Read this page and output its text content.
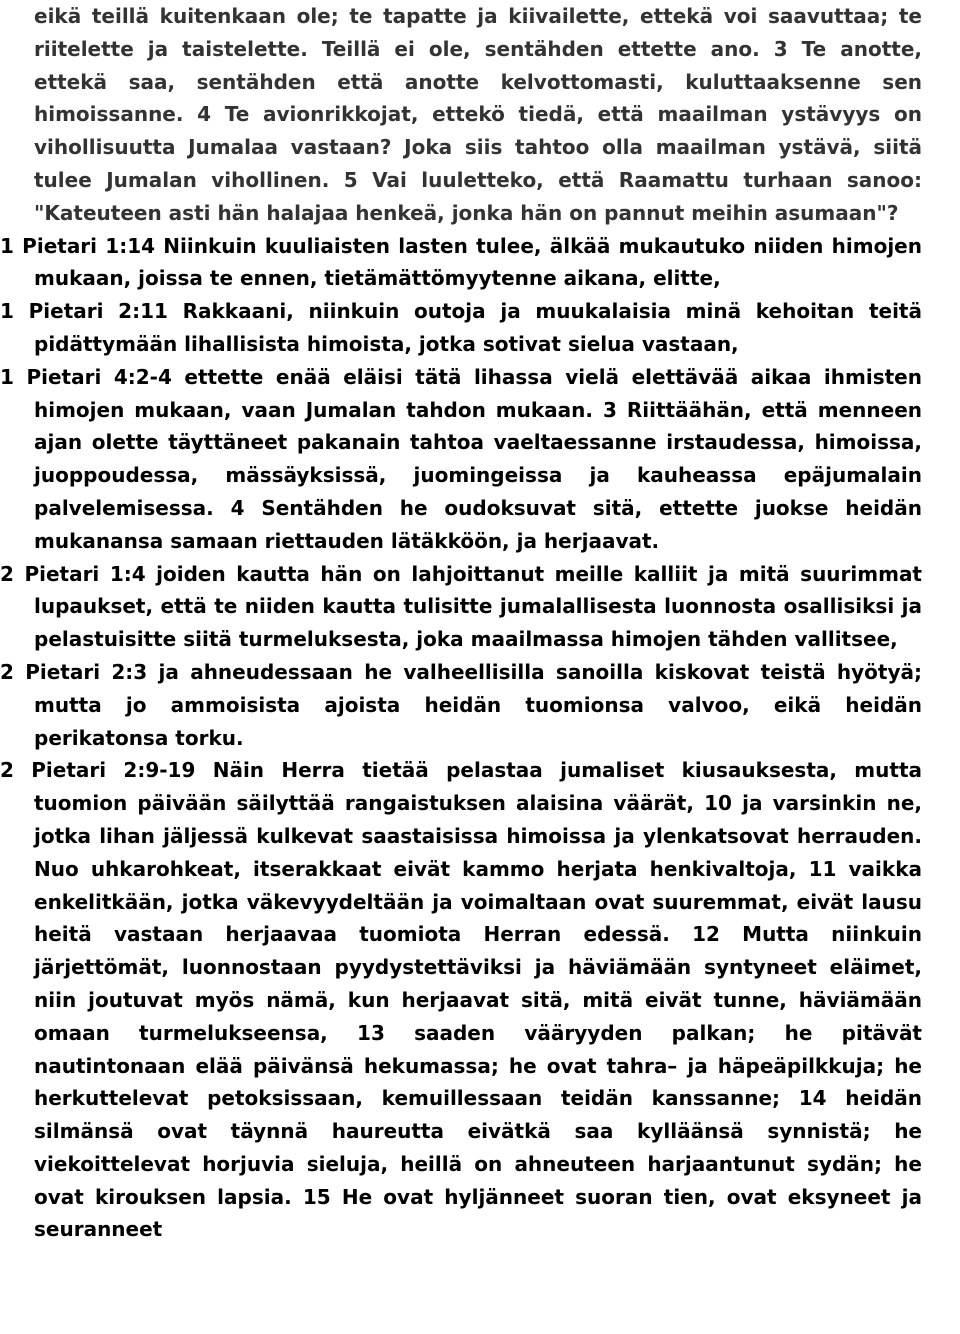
eikä teillä kuitenkaan ole; te tapatte ja kiivailette, ettekä voi saavuttaa; te riitelette ja taistelette. Teillä ei ole, sentähden ettette ano. 3 Te anotte, ettekä saa, sentähden että anotte kelvottomasti, kuluttaaksenne sen himoissanne. 4 Te avionrikkojat, ettekö tiedä, että maailman ystävyys on vihollisuutta Jumalaa vastaan? Joka siis tahtoo olla maailman ystävä, siitä tulee Jumalan vihollinen. 5 Vai luuletteko, että Raamattu turhaan sanoo: "Kateuteen asti hän halajaa henkeä, jonka hän on pannut meihin asumaan"?

1 Pietari 1:14 Niinkuin kuuliaisten lasten tulee, älkää mukautuko niiden himojen mukaan, joissa te ennen, tietämättömyytenne aikana, elitte,

1 Pietari 2:11 Rakkaani, niinkuin outoja ja muukalaisia minä kehoitan teitä pidättymään lihallisista himoista, jotka sotivat sielua vastaan,

1 Pietari 4:2-4 ettette enää eläisi tätä lihassa vielä elettävää aikaa ihmisten himojen mukaan, vaan Jumalan tahdon mukaan. 3 Riittäähän, että menneen ajan olette täyttäneet pakanain tahtoa vaeltaessanne irstaudessa, himoissa, juoppoudessa, mässäyksissä, juomingeissa ja kauheassa epäjumalain palvelemisessa. 4 Sentähden he oudoksuvat sitä, ettette juokse heidän mukanansa samaan riettauden lätäkköön, ja herjaavat.

2 Pietari 1:4 joiden kautta hän on lahjoittanut meille kalliit ja mitä suurimmat lupaukset, että te niiden kautta tulisitte jumalallisesta luonnosta osallisiksi ja pelastuisitte siitä turmeluksesta, joka maailmassa himojen tähden vallitsee,

2 Pietari 2:3 ja ahneudessaan he valheellisilla sanoilla kiskovat teistä hyötyä; mutta jo ammoisista ajoista heidän tuomionsa valvoo, eikä heidän perikatonsa torku.

2 Pietari 2:9-19 Näin Herra tietää pelastaa jumaliset kiusauksesta, mutta tuomion päivään säilyttää rangaistuksen alaisina väärät, 10 ja varsinkin ne, jotka lihan jäljessä kulkevat saastaisissa himoissa ja ylenkatsovat herrauden. Nuo uhkarohkeat, itserakkaat eivät kammo herjata henkivaltoja, 11 vaikka enkelitkään, jotka väkevyydeltään ja voimaltaan ovat suuremmat, eivät lausu heitä vastaan herjaavaa tuomiota Herran edessä. 12 Mutta niinkuin järjettömät, luonnostaan pyydystettäviksi ja häviämään syntyneet eläimet, niin joutuvat myös nämä, kun herjaavat sitä, mitä eivät tunne, häviämään omaan turmelukseensa, 13 saaden vääryyden palkan; he pitävät nautintonaan elää päivänsä hekumassa; he ovat tahra– ja häpeäpilkkuja; he herkuttelevat petoksissaan, kemuillessaan teidän kanssanne; 14 heidän silmänsä ovat täynnä haureutta eivätkä saa kylläänsä synnistä; he viekoittelevat horjuvia sieluja, heillä on ahneuteen harjaantunut sydän; he ovat kirouksen lapsia. 15 He ovat hyljänneet suoran tien, ovat eksyneet ja seuranneet
